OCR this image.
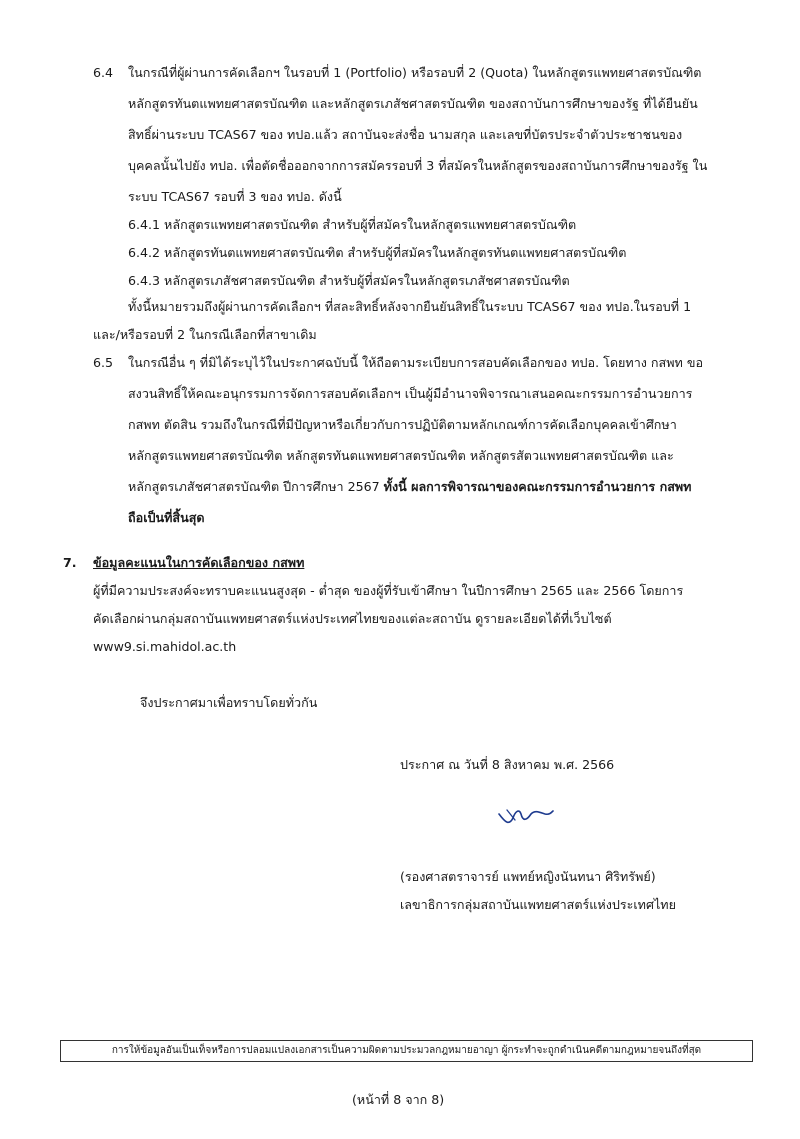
6.4 ในกรณีที่ผู้ผ่านการคัดเลือกฯ ในรอบที่ 1 (Portfolio) หรือรอบที่ 2 (Quota) ในหลักสูตรแพทยศาสตรบัณฑิต
หลักสูตรทันตแพทยศาสตรบัณฑิต และหลักสูตรเภสัชศาสตรบัณฑิต ของสถาบันการศึกษาของรัฐ ที่ได้ยืนยัน
สิทธิ์ผ่านระบบ TCAS67 ของ ทปอ.แล้ว สถาบันจะส่งชื่อ นามสกุล และเลขที่บัตรประจำตัวประชาชนของ
บุคคลนั้นไปยัง ทปอ. เพื่อตัดชื่อออกจากการสมัครรอบที่ 3 ที่สมัครในหลักสูตรของสถาบันการศึกษาของรัฐ ใน
ระบบ TCAS67 รอบที่ 3 ของ ทปอ. ดังนี้
6.4.1 หลักสูตรแพทยศาสตรบัณฑิต สำหรับผู้ที่สมัครในหลักสูตรแพทยศาสตรบัณฑิต
6.4.2 หลักสูตรทันตแพทยศาสตรบัณฑิต สำหรับผู้ที่สมัครในหลักสูตรทันตแพทยศาสตรบัณฑิต
6.4.3 หลักสูตรเภสัชศาสตรบัณฑิต สำหรับผู้ที่สมัครในหลักสูตรเภสัชศาสตรบัณฑิต
ทั้งนี้หมายรวมถึงผู้ผ่านการคัดเลือกฯ ที่สละสิทธิ์หลังจากยืนยันสิทธิ์ในระบบ TCAS67 ของ ทปอ.ในรอบที่ 1
และ/หรือรอบที่ 2 ในกรณีเลือกที่สาขาเดิม
6.5 ในกรณีอื่น ๆ ที่มิได้ระบุไว้ในประกาศฉบับนี้ ให้ถือตามระเบียบการสอบคัดเลือกของ ทปอ. โดยทาง กสพท ขอ
สงวนสิทธิ์ให้คณะอนุกรรมการจัดการสอบคัดเลือกฯ เป็นผู้มีอำนาจพิจารณาเสนอคณะกรรมการอำนวยการ
กสพท ตัดสิน รวมถึงในกรณีที่มีปัญหาหรือเกี่ยวกับการปฏิบัติตามหลักเกณฑ์การคัดเลือกบุคคลเข้าศึกษา
หลักสูตรแพทยศาสตรบัณฑิต หลักสูตรทันตแพทยศาสตรบัณฑิต หลักสูตรสัตวแพทยศาสตรบัณฑิต และ
หลักสูตรเภสัชศาสตรบัณฑิต ปีการศึกษา 2567 ทั้งนี้ ผลการพิจารณาของคณะกรรมการอำนวยการ กสพท
ถือเป็นที่สิ้นสุด
7. ข้อมูลคะแนนในการคัดเลือกของ กสพท
ผู้ที่มีความประสงค์จะทราบคะแนนสูงสุด - ต่ำสุด ของผู้ที่รับเข้าศึกษา ในปีการศึกษา 2565 และ 2566 โดยการ
คัดเลือกผ่านกลุ่มสถาบันแพทยศาสตร์แห่งประเทศไทยของแต่ละสถาบัน ดูรายละเอียดได้ที่เว็บไซต์
www9.si.mahidol.ac.th
จึงประกาศมาเพื่อทราบโดยทั่วกัน
ประกาศ ณ วันที่ 8 สิงหาคม พ.ศ. 2566
(รองศาสตราจารย์ แพทย์หญิงนันทนา ศิริทรัพย์)
เลขาธิการกลุ่มสถาบันแพทยศาสตร์แห่งประเทศไทย
การให้ข้อมูลอันเป็นเท็จหรือการปลอมแปลงเอกสารเป็นความผิดตามประมวลกฎหมายอาญา ผู้กระทำจะถูกดำเนินคดีตามกฎหมายจนถึงที่สุด
(หน้าที่ 8 จาก 8)
